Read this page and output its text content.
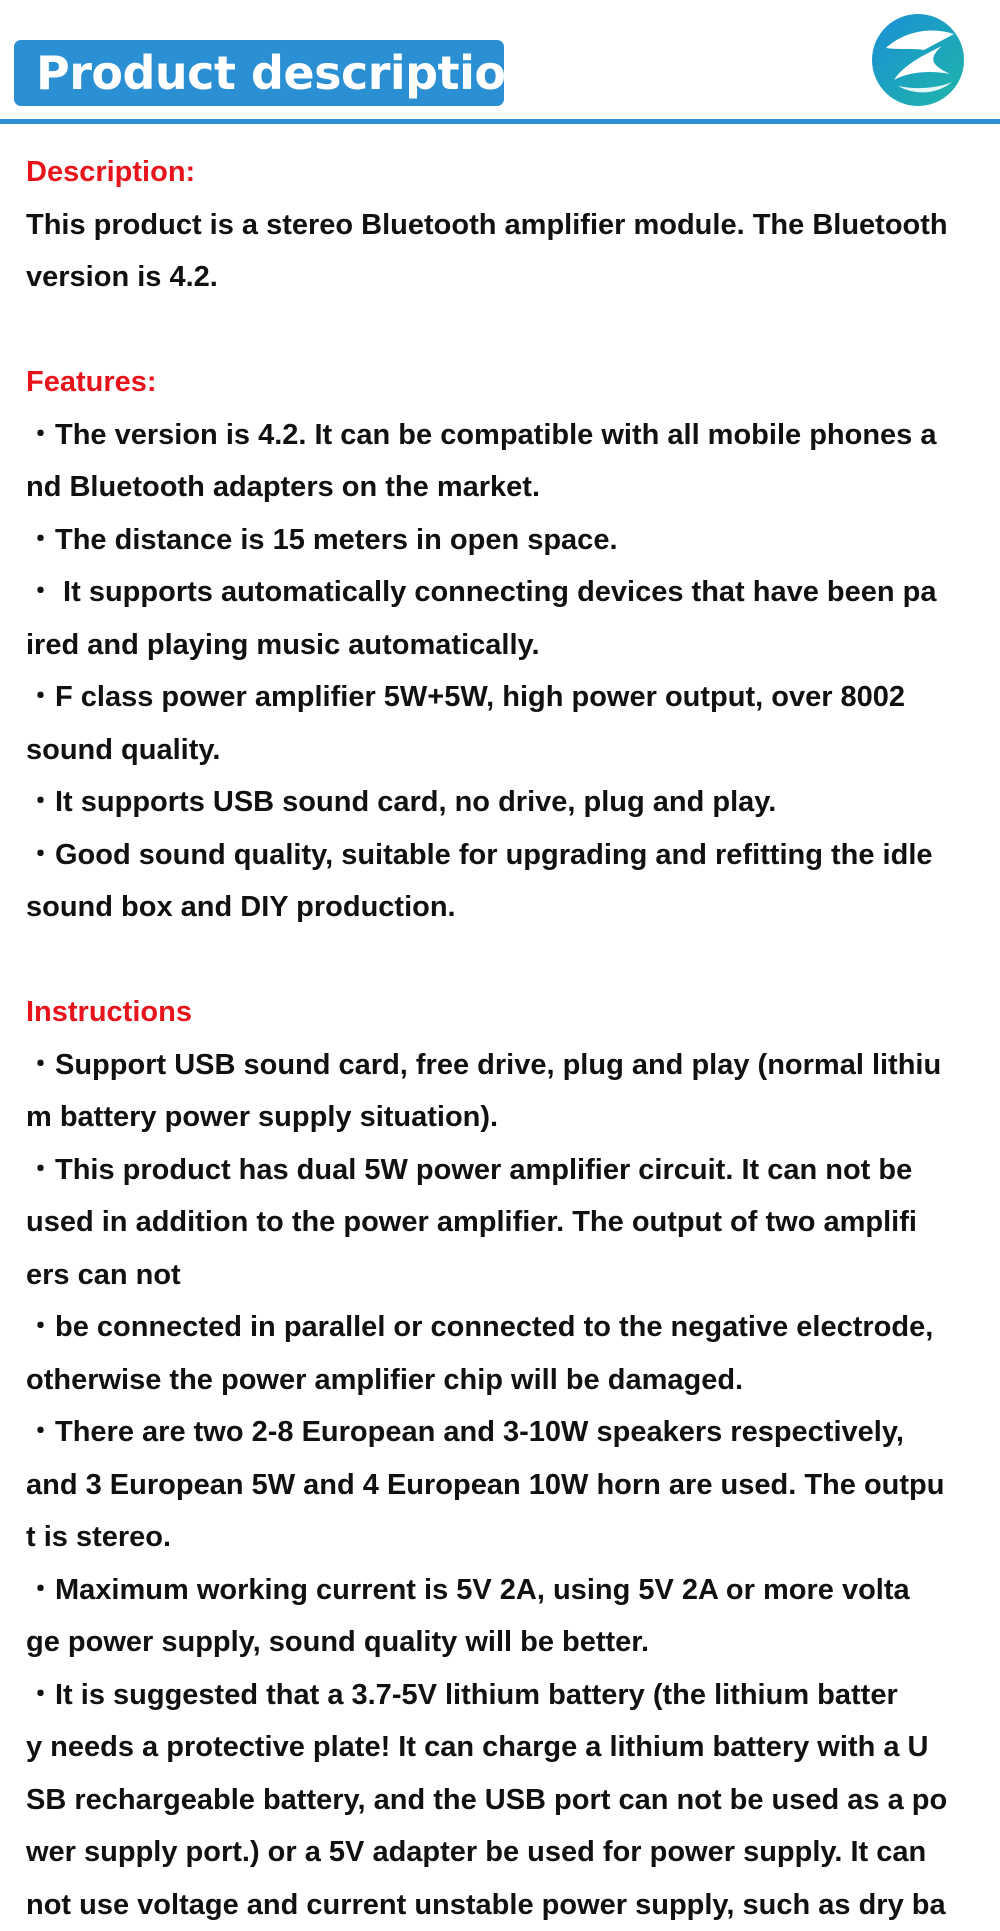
Product description

Description:

This product is a stereo Bluetooth amplifier module. The Bluetooth

version is 4.2.

Features:

・The version is 4.2. It can be compatible with all mobile phones a

nd Bluetooth adapters on the market.

・The distance is 15 meters in open space.

・ It supports automatically connecting devices that have been pa

ired and playing music automatically.

・F class power amplifier 5W+5W, high power output, over 8002

sound quality.

・It supports USB sound card, no drive, plug and play.

・Good sound quality, suitable for upgrading and refitting the idle

sound box and DIY production.

Instructions

・Support USB sound card, free drive, plug and play (normal lithiu

m battery power supply situation).

・This product has dual 5W power amplifier circuit. It can not be

used in addition to the power amplifier. The output of two amplifi

ers can not

・be connected in parallel or connected to the negative electrode,

otherwise the power amplifier chip will be damaged.

・There are two 2-8 European and 3-10W speakers respectively,

and 3 European 5W and 4 European 10W horn are used. The outpu

t is stereo.

・Maximum working current is 5V 2A, using 5V 2A or more volta

ge power supply, sound quality will be better.

・It is suggested that a 3.7-5V lithium battery (the lithium batter

y needs a protective plate! It can charge a lithium battery with a U

SB rechargeable battery, and the USB port can not be used as a po

wer supply port.) or a 5V adapter be used for power supply. It can

not use voltage and current unstable power supply, such as dry ba
